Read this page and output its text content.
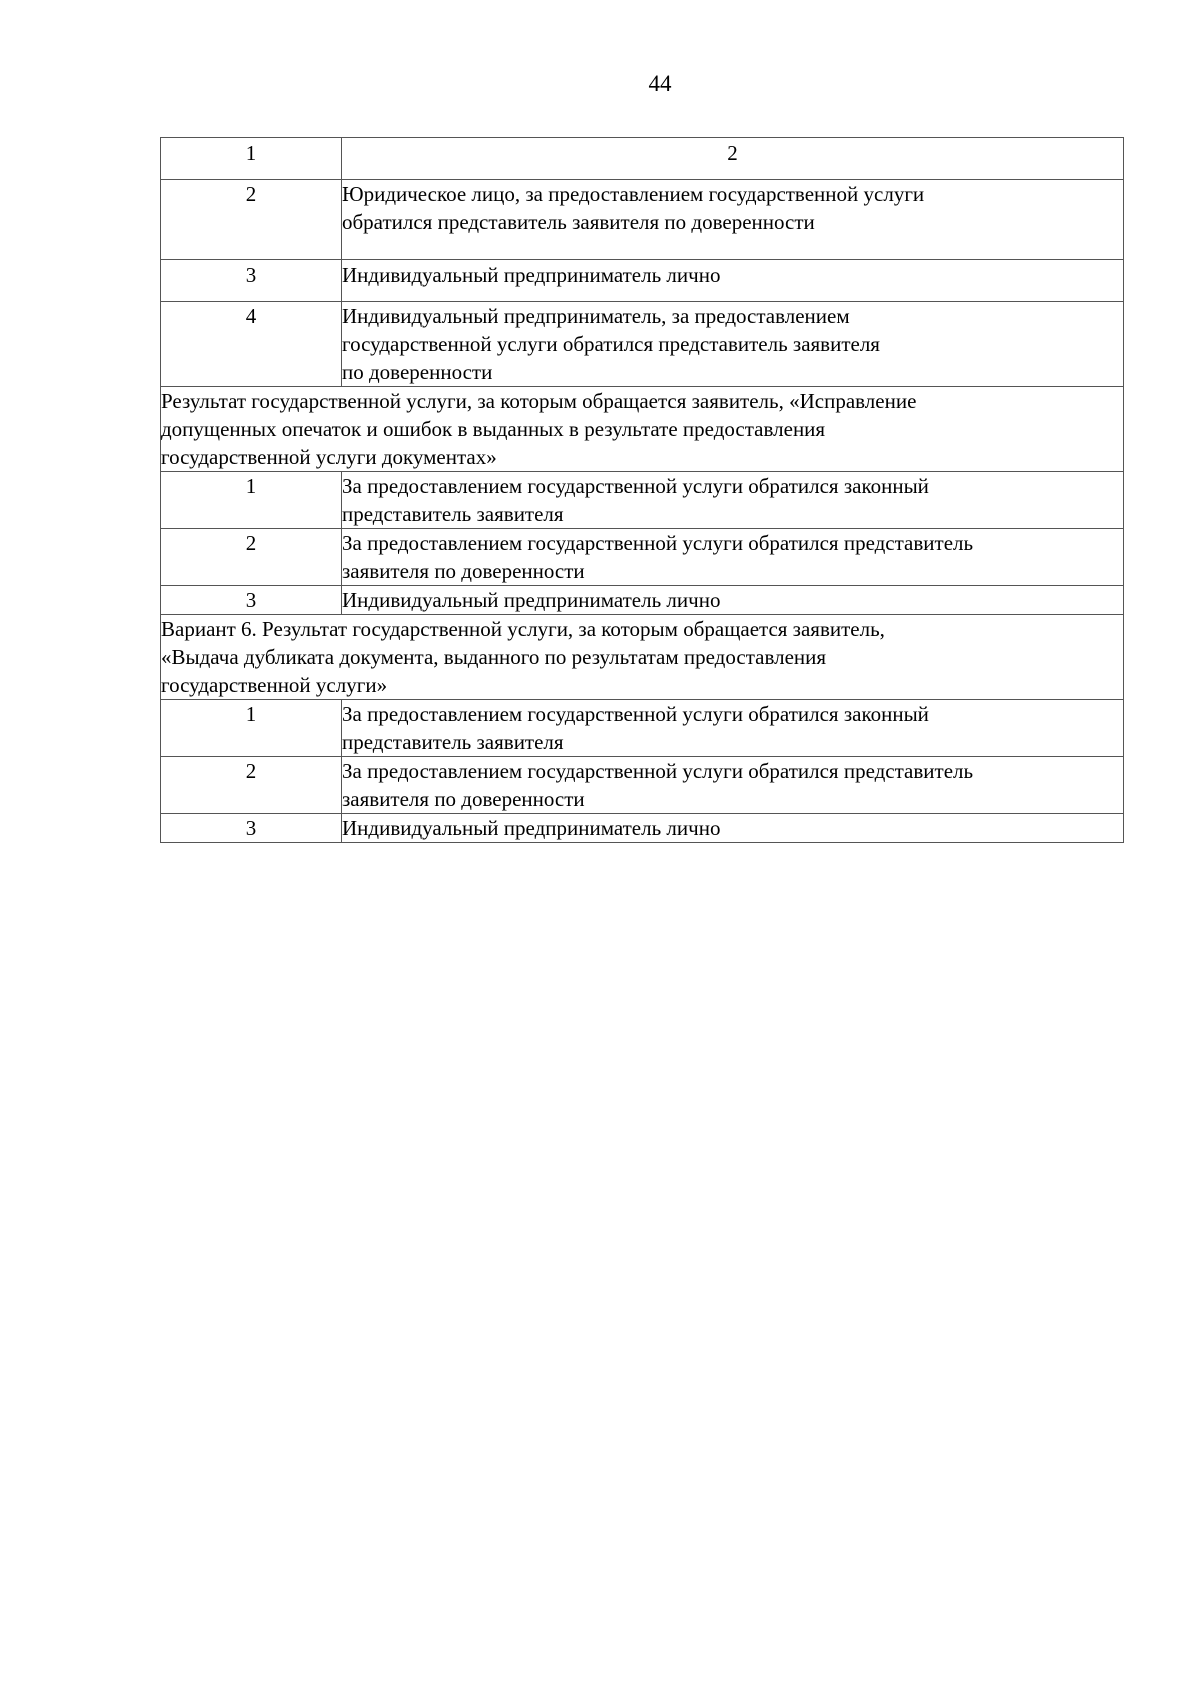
44
1	2
2	Юридическое лицо, за предоставлением государственной услуги
обратился представитель заявителя по доверенности

3	Индивидуальный предприниматель лично

4	Индивидуальный предприниматель, за предоставлением
государственной услуги обратился представитель заявителя
по доверенности

Результат государственной услуги, за которым обращается заявитель, «Исправление
допущенных опечаток и ошибок в выданных в результате предоставления
государственной услуги документах»	

1	За предоставлением государственной услуги обратился законный
представитель заявителя

2	За предоставлением государственной услуги обратился представитель
заявителя по доверенности

3	Индивидуальный предприниматель лично

Вариант 6. Результат государственной услуги, за которым обращается заявитель,
«Выдача дубликата документа, выданного по результатам предоставления
государственной услуги»	

1	За предоставлением государственной услуги обратился законный
представитель заявителя

2	За предоставлением государственной услуги обратился представитель
заявителя по доверенности

3	Индивидуальный предприниматель лично
